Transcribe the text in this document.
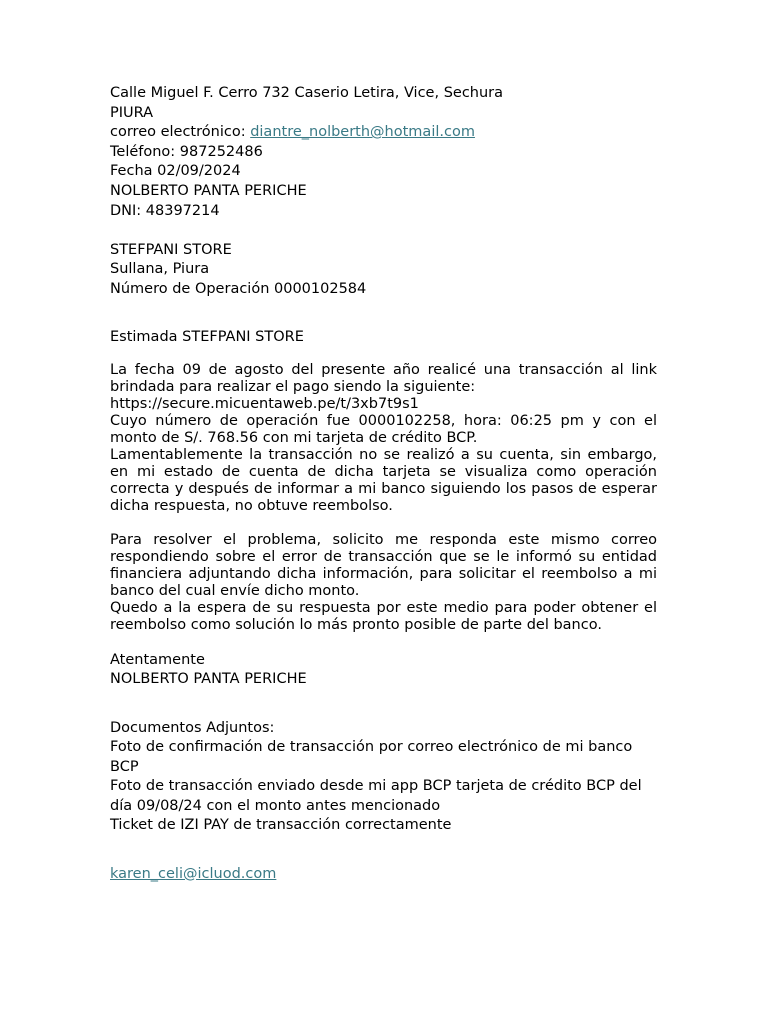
Calle Miguel F. Cerro 732 Caserio Letira, Vice, Sechura
PIURA
correo electrónico: diantre_nolberth@hotmail.com
Teléfono: 987252486
Fecha 02/09/2024
NOLBERTO PANTA PERICHE
DNI: 48397214
STEFPANI STORE
Sullana, Piura
Número de Operación 0000102584
Estimada STEFPANI STORE
La fecha 09 de agosto del presente año realicé una transacción al link brindada para realizar el pago siendo la siguiente:
https://secure.micuentaweb.pe/t/3xb7t9s1
Cuyo número de operación fue 0000102258, hora: 06:25 pm y con el monto de S/. 768.56 con mi tarjeta de crédito BCP.
Lamentablemente la transacción no se realizó a su cuenta, sin embargo, en mi estado de cuenta de dicha tarjeta se visualiza como operación correcta y después de informar a mi banco siguiendo los pasos de esperar dicha respuesta, no obtuve reembolso.
Para resolver el problema, solicito me responda este mismo correo respondiendo sobre el error de transacción que se le informó su entidad financiera adjuntando dicha información, para solicitar el reembolso a mi banco del cual envíe dicho monto.
Quedo a la espera de su respuesta por este medio para poder obtener el reembolso como solución lo más pronto posible de parte del banco.
Atentamente
NOLBERTO PANTA PERICHE
Documentos Adjuntos:
Foto de confirmación de transacción por correo electrónico de mi banco BCP
Foto de transacción enviado desde mi app BCP tarjeta de crédito BCP del día 09/08/24 con el monto antes mencionado
Ticket de IZI PAY de transacción correctamente
karen_celi@icluod.com
